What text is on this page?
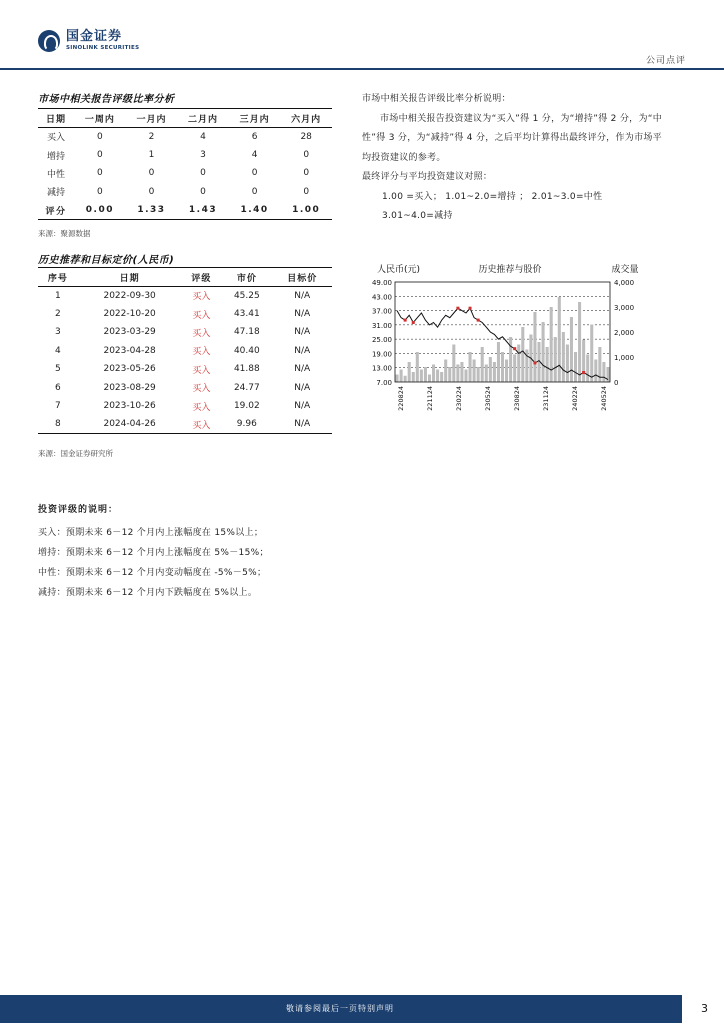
国金证券
SINOLINK SECURITIES
公司点评
市场中相关报告评级比率分析
日期	一周内	一月内	二月内	三月内	六月内
买入	0	2	4	6	28
增持	0	1	3	4	0
中性	0	0	0	0	0
减持	0	0	0	0	0
评分	0.00	1.33	1.43	1.40	1.00
来源：聚源数据
市场中相关报告评级比率分析说明：
市场中相关报告投资建议为“买入”得 1 分，为“增持”得 2 分，为“中性”得 3 分，为“减持”得 4 分，之后平均计算得出最终评分，作为市场平均投资建议的参考。
最终评分与平均投资建议对照：
1.00 =买入； 1.01~2.0=增持 ； 2.01~3.0=中性
3.01~4.0=减持
历史推荐和目标定价(人民币)
序号	日期	评级	市价	目标价
1	2022-09-30	买入	45.25	N/A
2	2022-10-20	买入	43.41	N/A
3	2023-03-29	买入	47.18	N/A
4	2023-04-28	买入	40.40	N/A
5	2023-05-26	买入	41.88	N/A
6	2023-08-29	买入	24.77	N/A
7	2023-10-26	买入	19.02	N/A
8	2024-04-26	买入	9.96	N/A
来源：国金证券研究所
人民币(元)	历史推荐与股价	成交量
49.00
43.00
37.00
31.00
25.00
19.00
13.00
7.00
4,000
3,000
2,000
1,000
0
220824	221124	230224	230524	230824	231124	240224	240524
投资评级的说明：
买入：预期未来 6－12 个月内上涨幅度在 15%以上；
增持：预期未来 6－12 个月内上涨幅度在 5%－15%；
中性：预期未来 6－12 个月内变动幅度在 -5%－5%；
减持：预期未来 6－12 个月内下跌幅度在 5%以上。
敬请参阅最后一页特别声明	3
